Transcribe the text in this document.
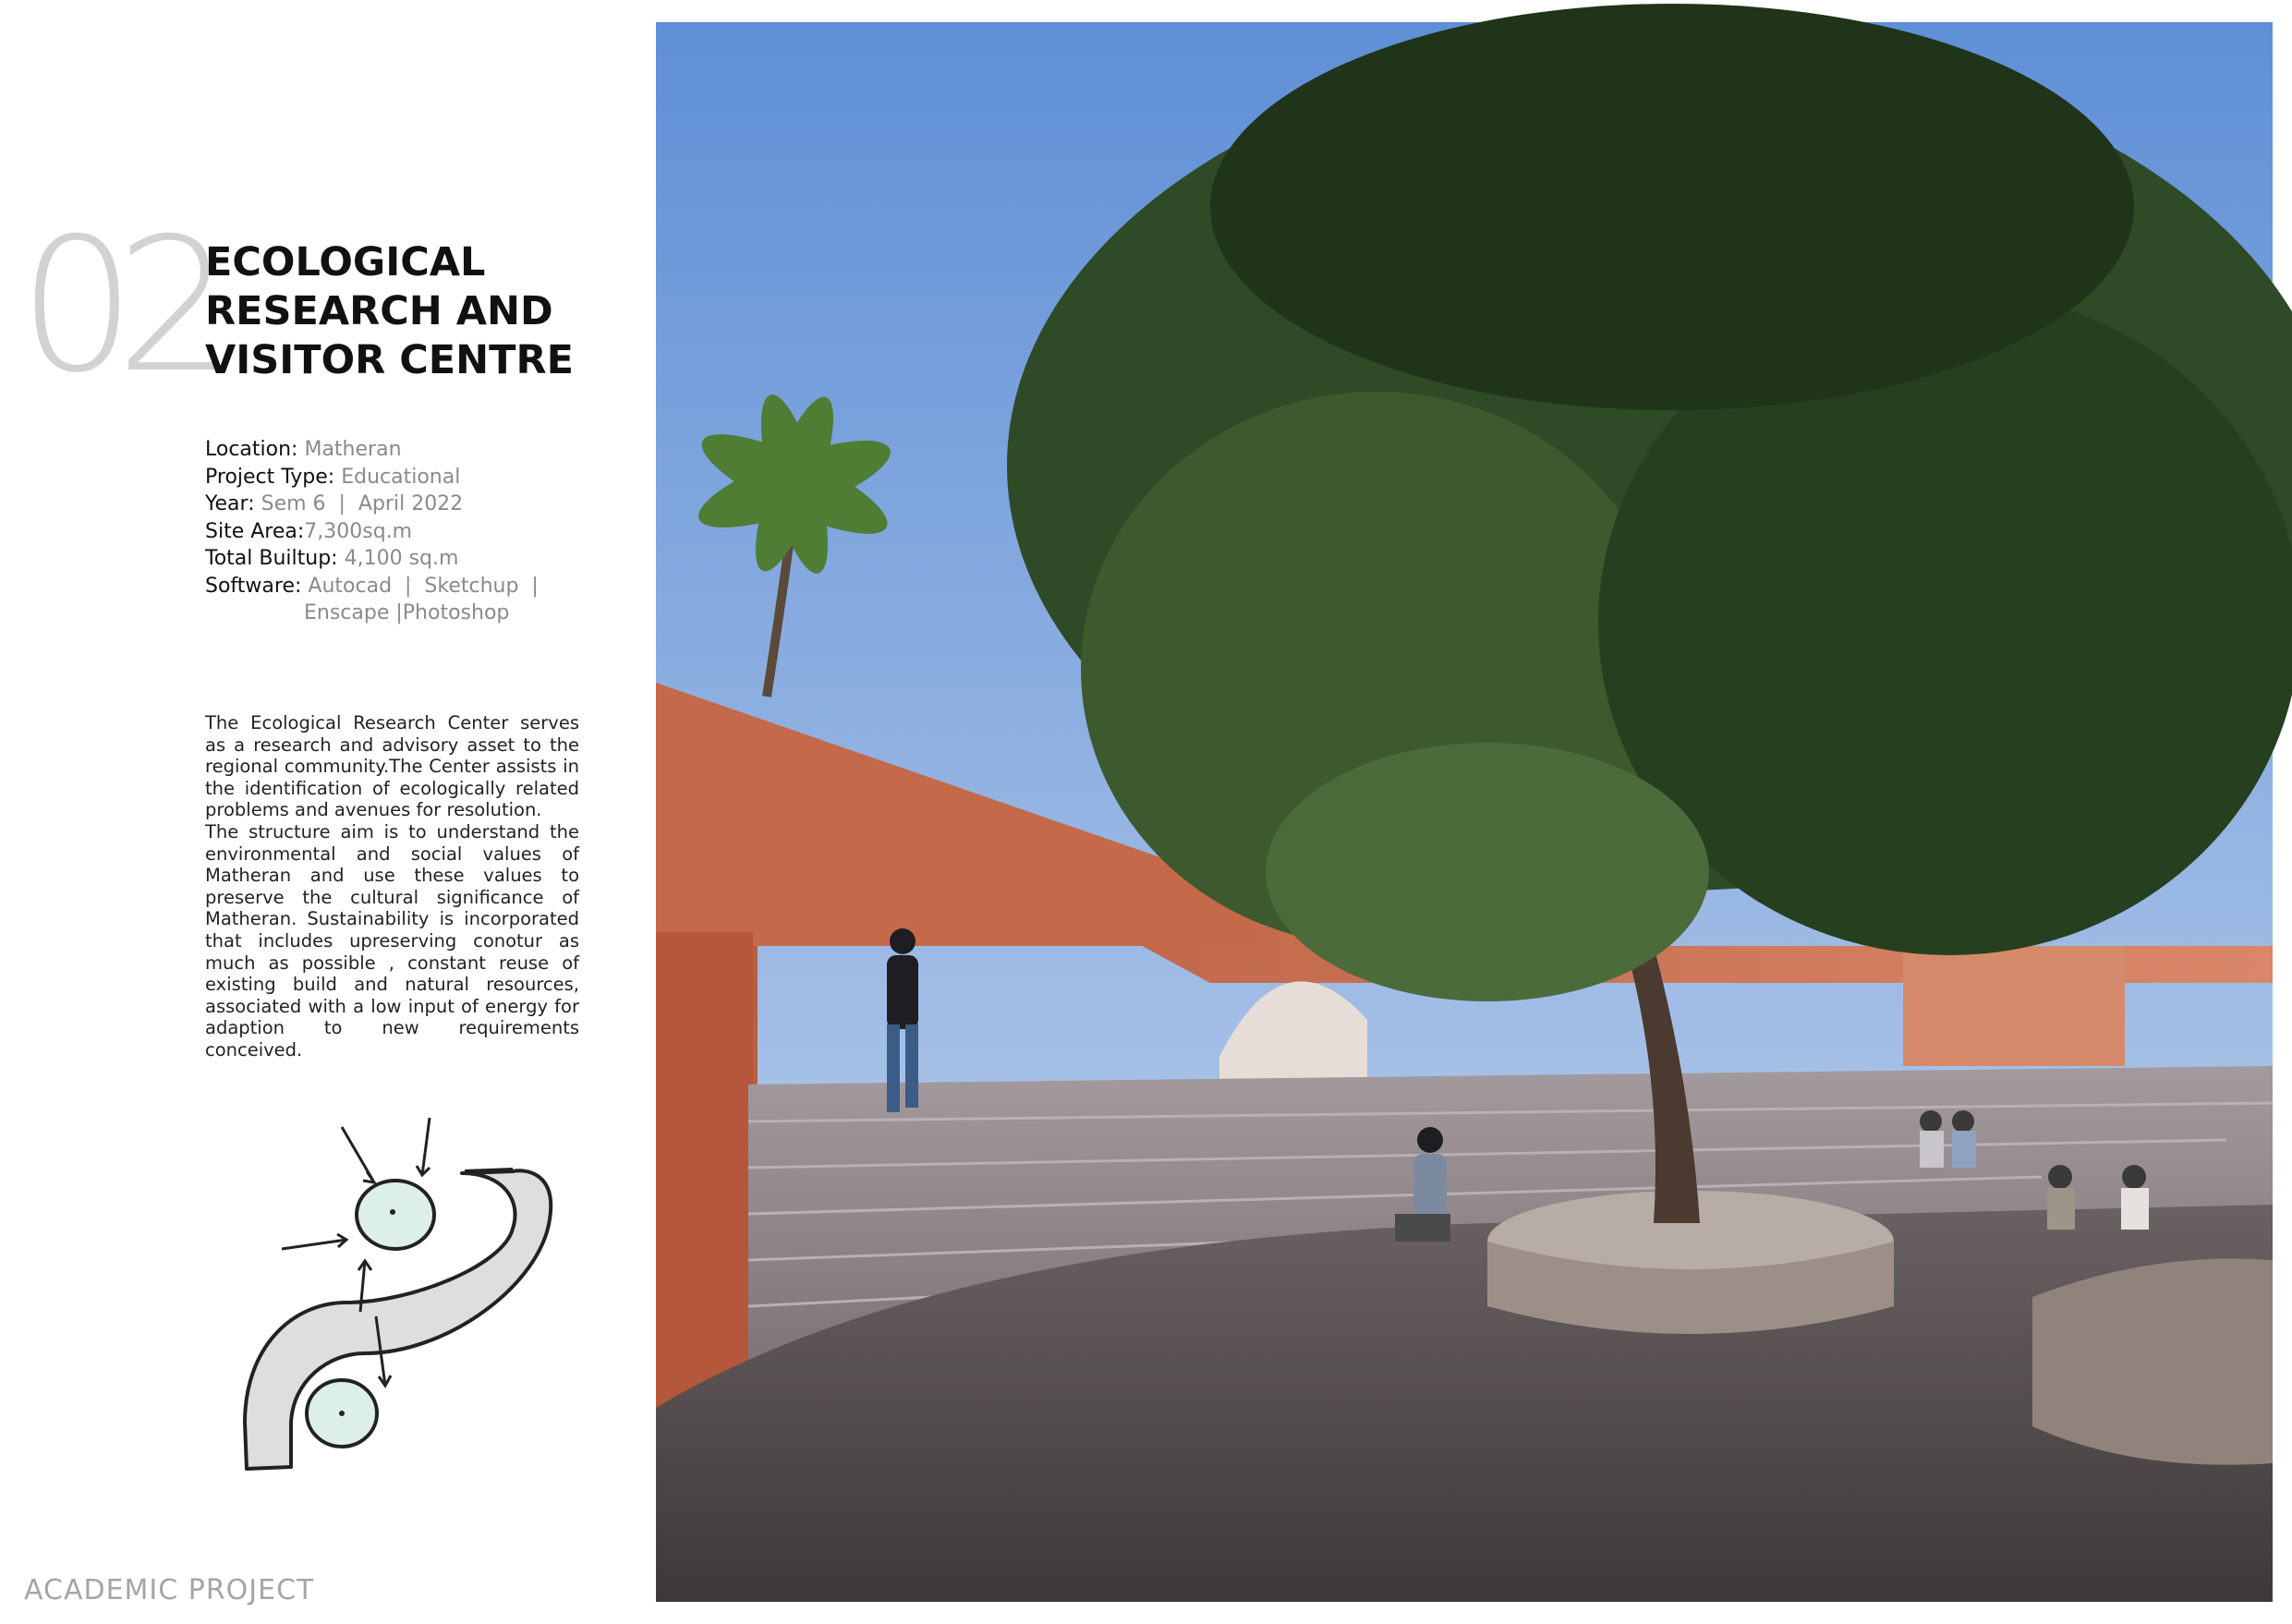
02
ECOLOGICAL
RESEARCH AND
VISITOR CENTRE
Location: Matheran
Project Type: Educational
Year: Sem 6  |  April 2022
Site Area:7,300sq.m
Total Builtup: 4,100 sq.m
Software: Autocad  |  Sketchup  |
Enscape |Photoshop

The Ecological Research Center serves as a research and advisory asset to the regional community.The Center assists in the identification of ecologically related problems and avenues for resolution.

The structure aim is to understand the environmental and social values of Matheran and use these values to preserve the cultural significance of Matheran. Sustainability is incorporated that includes upreserving conotur as much as possible , constant reuse of existing build and natural resources, associated with a low input of energy for adaption to new requirements conceived.

ACADEMIC PROJECT
11
